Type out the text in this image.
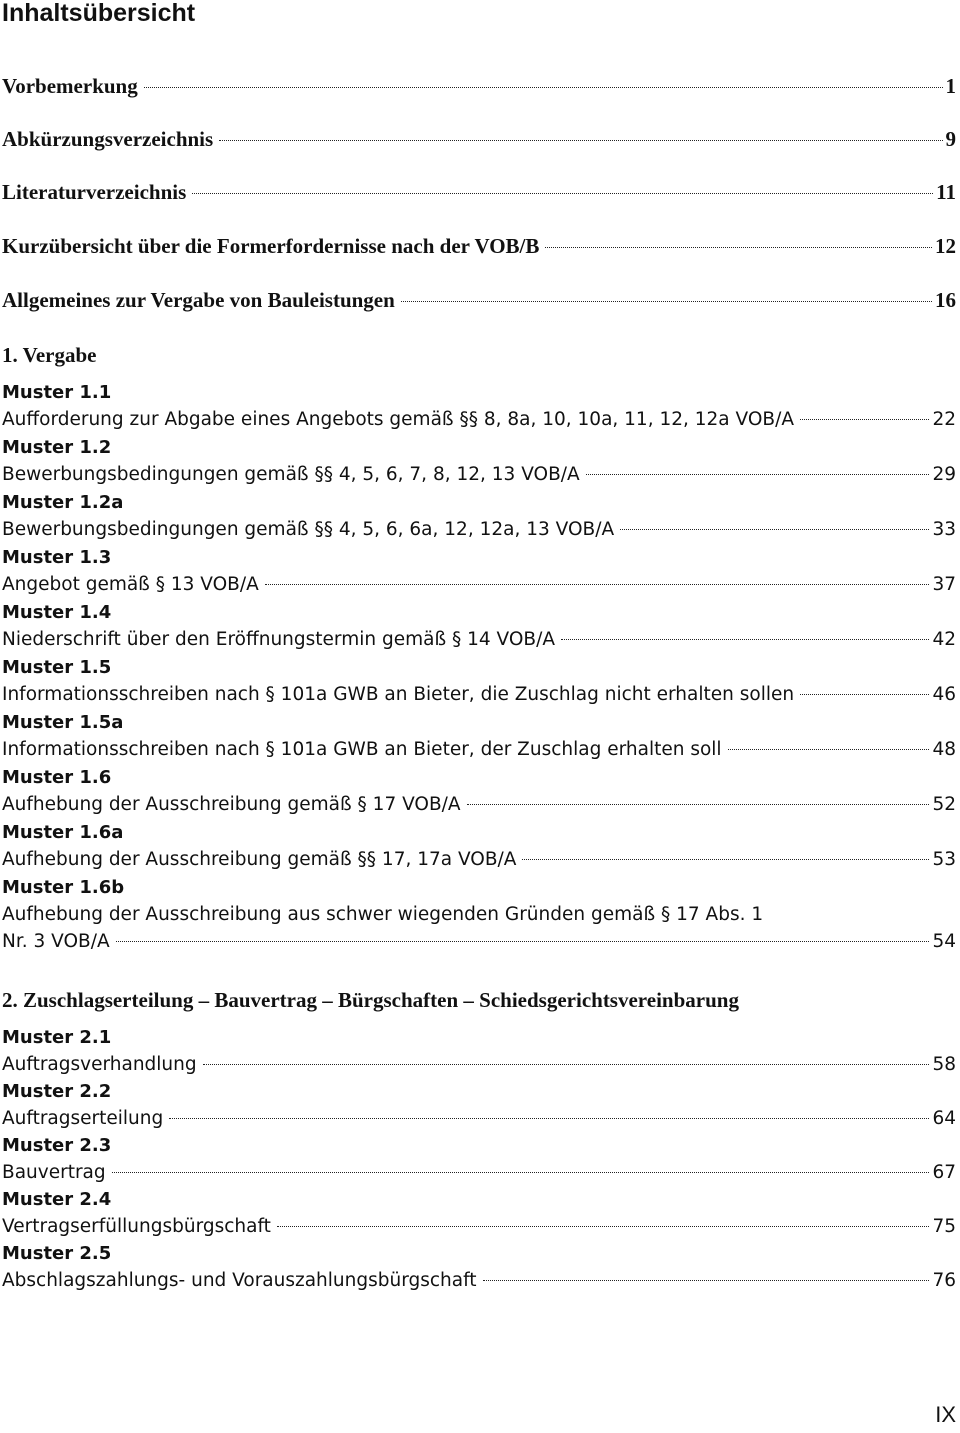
Inhaltsübersicht
Vorbemerkung	1
Abkürzungsverzeichnis	9
Literaturverzeichnis	11
Kurzübersicht über die Formerfordernisse nach der VOB/B	12
Allgemeines zur Vergabe von Bauleistungen	16
1. Vergabe
Muster 1.1
Aufforderung zur Abgabe eines Angebots gemäß §§ 8, 8a, 10, 10a, 11, 12, 12a VOB/A	22
Muster 1.2
Bewerbungsbedingungen gemäß §§ 4, 5, 6, 7, 8, 12, 13 VOB/A	29
Muster 1.2a
Bewerbungsbedingungen gemäß §§ 4, 5, 6, 6a, 12, 12a, 13 VOB/A	33
Muster 1.3
Angebot gemäß § 13 VOB/A	37
Muster 1.4
Niederschrift über den Eröffnungstermin gemäß § 14 VOB/A	42
Muster 1.5
Informationsschreiben nach § 101a GWB an Bieter, die Zuschlag nicht erhalten sollen	46
Muster 1.5a
Informationsschreiben nach § 101a GWB an Bieter, der Zuschlag erhalten soll	48
Muster 1.6
Aufhebung der Ausschreibung gemäß § 17 VOB/A	52
Muster 1.6a
Aufhebung der Ausschreibung gemäß §§ 17, 17a VOB/A	53
Muster 1.6b
Aufhebung der Ausschreibung aus schwer wiegenden Gründen gemäß § 17 Abs. 1
Nr. 3 VOB/A	54
2. Zuschlagserteilung – Bauvertrag – Bürgschaften – Schiedsgerichtsvereinbarung
Muster 2.1
Auftragsverhandlung	58
Muster 2.2
Auftragserteilung	64
Muster 2.3
Bauvertrag	67
Muster 2.4
Vertragserfüllungsbürgschaft	75
Muster 2.5
Abschlagszahlungs- und Vorauszahlungsbürgschaft	76
IX
